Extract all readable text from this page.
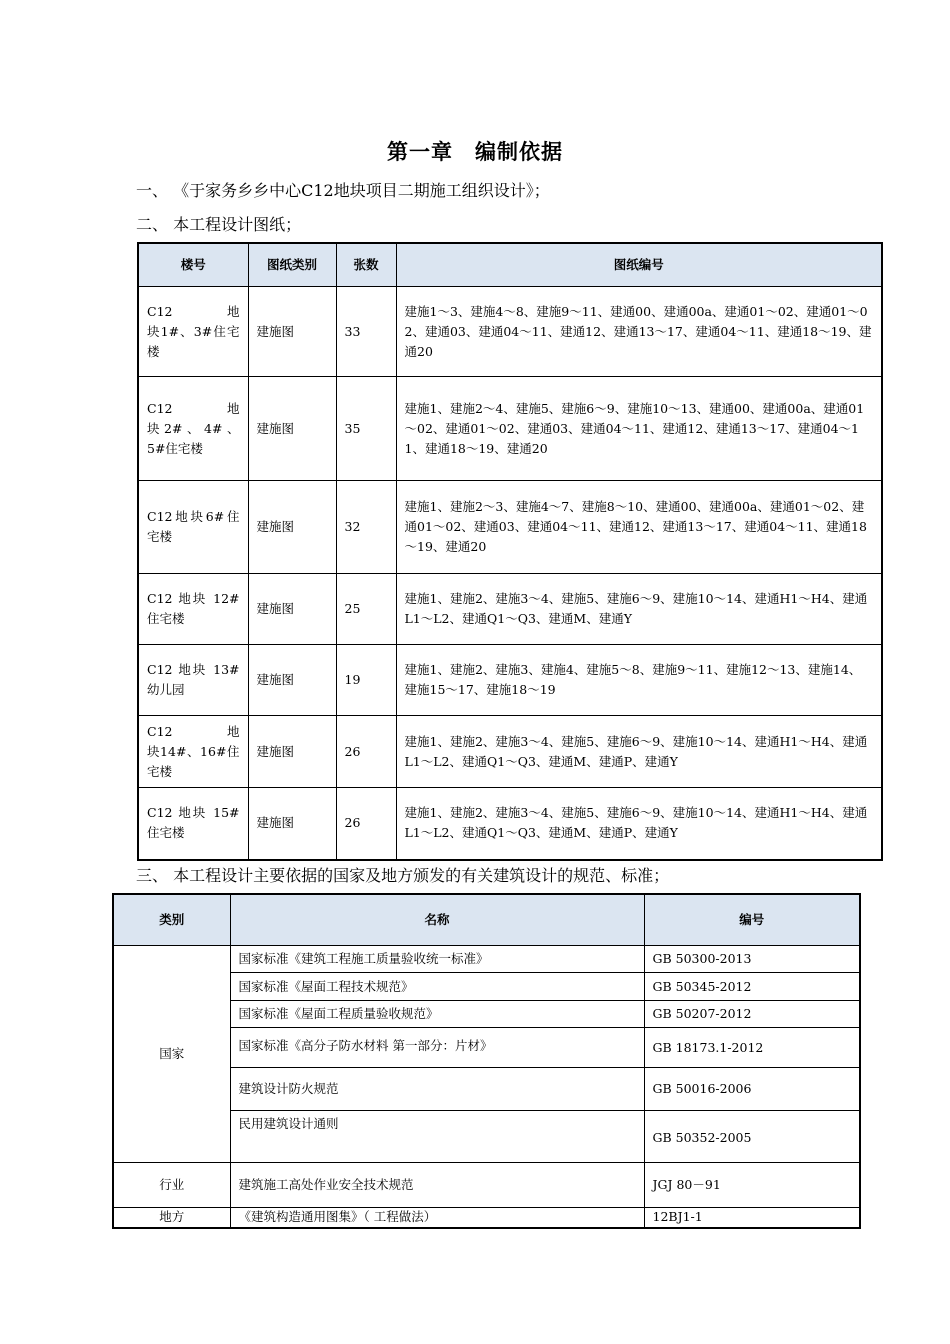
第一章　编制依据
一、 《于家务乡乡中心C12地块项目二期施工组织设计》；
二、 本工程设计图纸；
楼号	图纸类别	张数	图纸编号
C12　　地　　块1#、3#住宅楼	建施图	33	建施1～3、建施4～8、建施9～11、建通00、建通00a、建通01～02、建通01～02、建通03、建通04～11、建通12、建通13～17、建通04～11、建通18～19、建通20
C12　　地　　块2#、4#、5#住宅楼	建施图	35	建施1、建施2～4、建施5、建施6～9、建施10～13、建通00、建通00a、建通01～02、建通01～02、建通03、建通04～11、建通12、建通13～17、建通04～11、建通18～19、建通20
C12地块6#住宅楼	建施图	32	建施1、建施2～3、建施4～7、建施8～10、建通00、建通00a、建通01～02、建通01～02、建通03、建通04～11、建通12、建通13～17、建通04～11、建通18～19、建通20
C12 地块 12#住宅楼	建施图	25	建施1、建施2、建施3～4、建施5、建施6～9、建施10～14、建通H1～H4、建通L1～L2、建通Q1～Q3、建通M、建通Y
C12 地块 13#幼儿园	建施图	19	建施1、建施2、建施3、建施4、建施5～8、建施9～11、建施12～13、建施14、建施15～17、建施18～19
C12　　地　　块14#、16#住宅楼	建施图	26	建施1、建施2、建施3～4、建施5、建施6～9、建施10～14、建通H1～H4、建通L1～L2、建通Q1～Q3、建通M、建通P、建通Y
C12 地块 15#住宅楼	建施图	26	建施1、建施2、建施3～4、建施5、建施6～9、建施10～14、建通H1～H4、建通L1～L2、建通Q1～Q3、建通M、建通P、建通Y
三、 本工程设计主要依据的国家及地方颁发的有关建筑设计的规范、标准；
类别	名称	编号
国家	国家标准《建筑工程施工质量验收统一标准》	GB 50300-2013
	国家标准《屋面工程技术规范》	GB 50345-2012
	国家标准《屋面工程质量验收规范》	GB 50207-2012
	国家标准《高分子防水材料 第一部分：片材》	GB 18173.1-2012
	建筑设计防火规范	GB 50016-2006
	民用建筑设计通则	GB 50352-2005
行业	建筑施工高处作业安全技术规范	JGJ 80－91
地方	《建筑构造通用图集》（ 工程做法）	12BJ1-1
